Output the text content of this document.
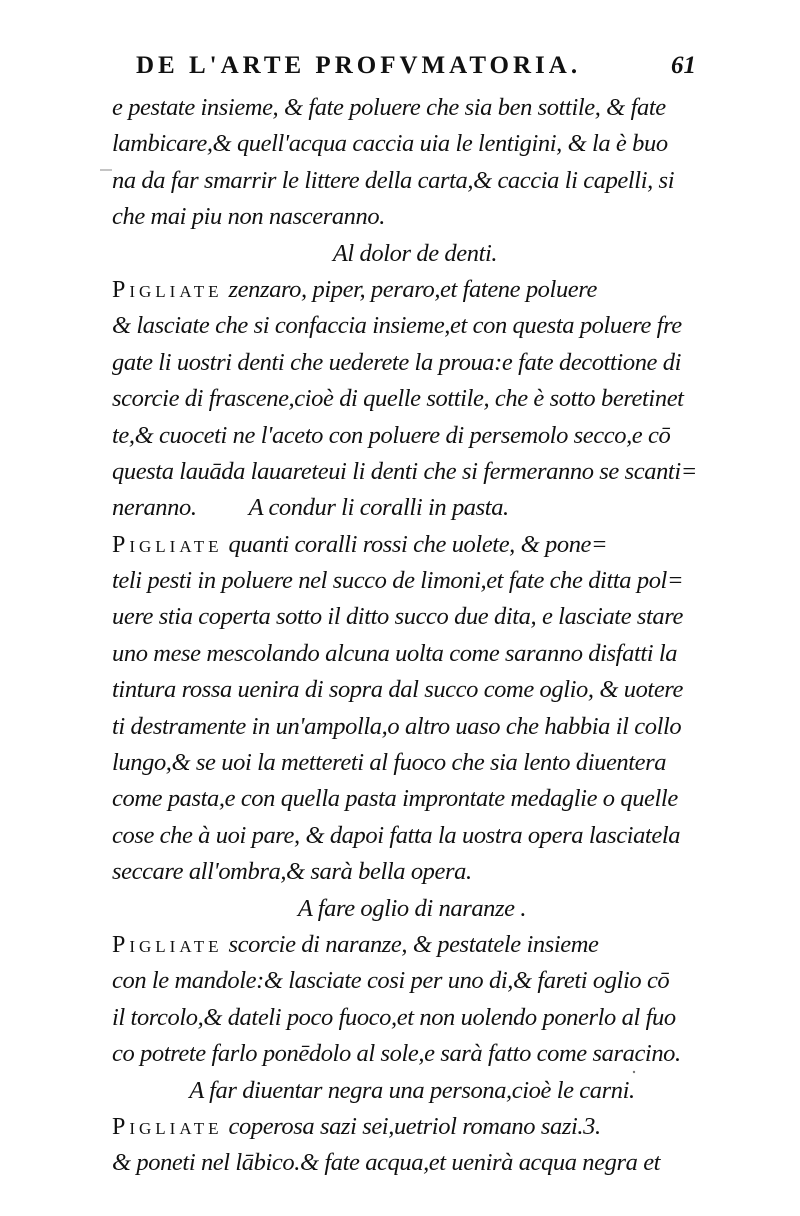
DE L'ARTE PROFVMATORIA.	61
e pestate insieme, & fate poluere che sia ben sottile, & fate
lambicare,& quell'acqua caccia uia le lentigini, & la è buo
na da far smarrir le littere della carta,& caccia li capelli, si
che mai piu non nasceranno.
Al dolor de denti.
PIGLIATE zenzaro, piper, peraro,et fatene poluere
& lasciate che si confaccia insieme,et con questa poluere fre
gate li uostri denti che uederete la proua:e fate decottione di
scorcie di frascene,cioè di quelle sottile, che è sotto beretinet
te,& cuoceti ne l'aceto con poluere di persemolo secco,e cō
questa lauāda lauareteui li denti che si fermeranno se scanti=
neranno. A condur li coralli in pasta.
PIGLIATE quanti coralli rossi che uolete, & pone=
teli pesti in poluere nel succo de limoni,et fate che ditta pol=
uere stia coperta sotto il ditto succo due dita, e lasciate stare
uno mese mescolando alcuna uolta come saranno disfatti la
tintura rossa uenira di sopra dal succo come oglio, & uotere
ti destramente in un'ampolla,o altro uaso che habbia il collo
lungo,& se uoi la mettereti al fuoco che sia lento diuentera
come pasta,e con quella pasta improntate medaglie o quelle
cose che à uoi pare, & dapoi fatta la uostra opera lasciatela
seccare all'ombra,& sarà bella opera.
A fare oglio di naranze .
PIGLIATE scorcie di naranze, & pestatele insieme
con le mandole:& lasciate cosi per uno di,& fareti oglio cō
il torcolo,& dateli poco fuoco,et non uolendo ponerlo al fuo
co potrete farlo ponēdolo al sole,e sarà fatto come saracino.
A far diuentar negra una persona,cioè le carni.
PIGLIATE coperosa sazi sei,uetriol romano sazi.3.
& poneti nel lābico.& fate acqua,et uenirà acqua negra et
